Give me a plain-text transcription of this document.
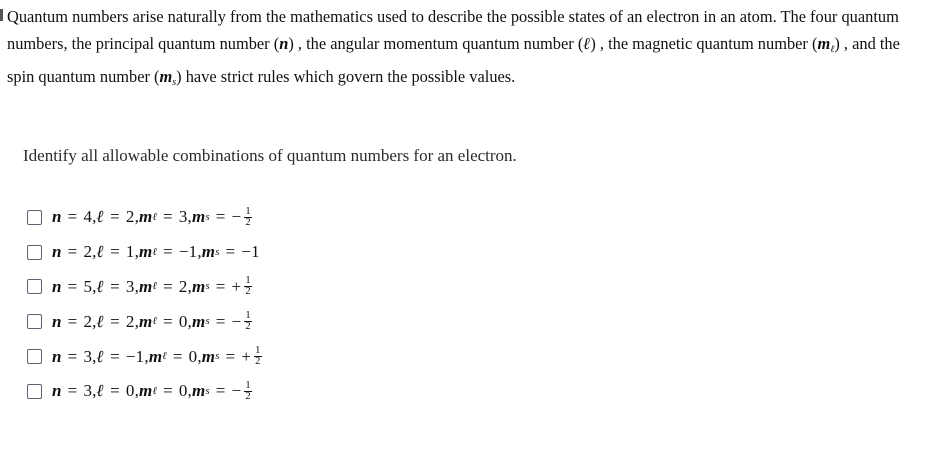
Quantum numbers arise naturally from the mathematics used to describe the possible states of an electron in an atom. The four quantum numbers, the principal quantum number (n) , the angular momentum quantum number (ℓ) , the magnetic quantum number $(m_\ell)$ , and the spin quantum number $(m_s)$ have strict rules which govern the possible values.

Identify all allowable combinations of quantum numbers for an electron.

n = 4 , ℓ = 2 , m ℓ = 3 , m s = − $\frac{1}{2}$
n = 2 , ℓ = 1 , m ℓ = −1 , m s = −1
n = 5 , ℓ = 3 , m ℓ = 2 , m s = + $\frac{1}{2}$
n = 2 , ℓ = 2 , m ℓ = 0 , m s = − $\frac{1}{2}$
n = 3 , ℓ = −1 , m ℓ = 0 , m s = + $\frac{1}{2}$
n = 3 , ℓ = 0 , m ℓ = 0 , m s = − $\frac{1}{2}$
